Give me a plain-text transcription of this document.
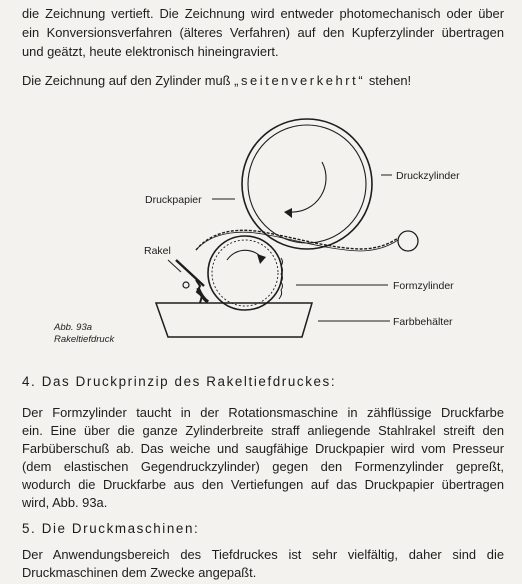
die Zeichnung vertieft. Die Zeichnung wird entweder photomechanisch oder über

ein Konversionsverfahren (älteres Verfahren) auf den Kupferzylinder übertragen

und geätzt, heute elektronisch hineingraviert.

Die Zeichnung auf den Zylinder muß „seitenverkehrt“ stehen!

Druckzylinder
Druckpapier
Rakel
Formzylinder
Farbbehälter
Abb. 93a
Rakeltiefdruck

4. Das Druckprinzip des Rakeltiefdruckes:

Der Formzylinder taucht in der Rotationsmaschine in zähflüssige Druckfarbe

ein. Eine über die ganze Zylinderbreite straff anliegende Stahlrakel streift den

Farbüberschuß ab. Das weiche und saugfähige Druckpapier wird vom Presseur

(dem elastischen Gegendruckzylinder) gegen den Formenzylinder gepreßt,

wodurch die Druckfarbe aus den Vertiefungen auf das Druckpapier übertragen

wird, Abb. 93a.

5. Die Druckmaschinen:

Der Anwendungsbereich des Tiefdruckes ist sehr vielfältig, daher sind die

Druckmaschinen dem Zwecke angepaßt.
